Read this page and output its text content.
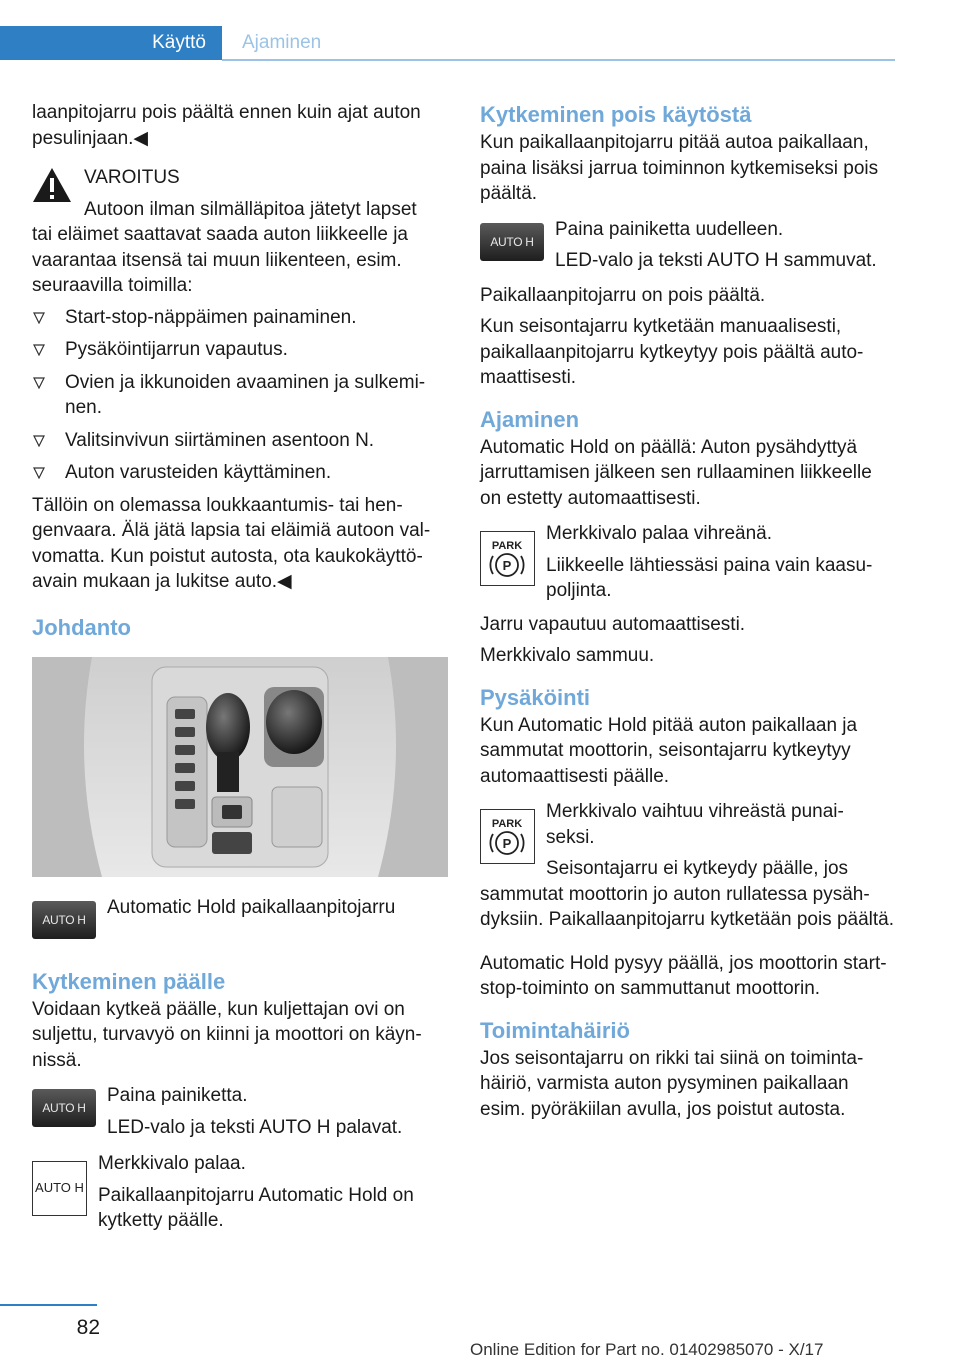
Käyttö	Ajaminen

laanpitojarru pois päältä ennen kuin ajat auton pesulinjaan.◀

VAROITUS

Autoon ilman silmälläpitoa jätetyt lapset

tai eläimet saattavat saada auton liikkeelle ja vaarantaa itsensä tai muun liikenteen, esim. seuraavilla toimilla:

Start-stop-näppäimen painaminen.
Pysäköintijarrun vapautus.
Ovien ja ikkunoiden avaaminen ja sulkemi- nen.
Valitsinvivun siirtäminen asentoon N.
Auton varusteiden käyttäminen.

Tällöin on olemassa loukkaantumis- tai hen- genvaara. Älä jätä lapsia tai eläimiä autoon val- vomatta. Kun poistut autosta, ota kaukokäyttö- avain mukaan ja lukitse auto.◀

Johdanto
AUTO H

Automatic Hold paikallaanpitojarru

Kytkeminen päälle

Voidaan kytkeä päälle, kun kuljettajan ovi on suljettu, turvavyö on kiinni ja moottori on käyn- nissä.

AUTO H

Paina painiketta.

LED-valo ja teksti AUTO H palavat.

AUTO H

Merkkivalo palaa.

Paikallaanpitojarru Automatic Hold on kytketty päälle.

Kytkeminen pois käytöstä

Kun paikallaanpitojarru pitää autoa paikallaan, paina lisäksi jarrua toiminnon kytkemiseksi pois päältä.

AUTO H

Paina painiketta uudelleen.

LED-valo ja teksti AUTO H sammuvat.

Paikallaanpitojarru on pois päältä.

Kun seisontajarru kytketään manuaalisesti, paikallaanpitojarru kytkeytyy pois päältä auto- maattisesti.

Ajaminen

Automatic Hold on päällä: Auton pysähdyttyä jarruttamisen jälkeen sen rullaaminen liikkeelle on estetty automaattisesti.

PARK
P

Merkkivalo palaa vihreänä.

Liikkeelle lähtiessäsi paina vain kaasu- poljinta.

Jarru vapautuu automaattisesti.

Merkkivalo sammuu.

Pysäköinti

Kun Automatic Hold pitää auton paikallaan ja sammutat moottorin, seisontajarru kytkeytyy automaattisesti päälle.

PARK
P

Merkkivalo vaihtuu vihreästä punai- seksi.

Seisontajarru ei kytkeydy päälle, jos

sammutat moottorin jo auton rullatessa pysäh- dyksiin. Paikallaanpitojarru kytketään pois päältä.

Automatic Hold pysyy päällä, jos moottorin start-stop-toiminto on sammuttanut moottorin.

Toimintahäiriö

Jos seisontajarru on rikki tai siinä on toiminta- häiriö, varmista auton pysyminen paikallaan esim. pyöräkiilan avulla, jos poistut autosta.

82
Online Edition for Part no. 01402985070 - X/17
